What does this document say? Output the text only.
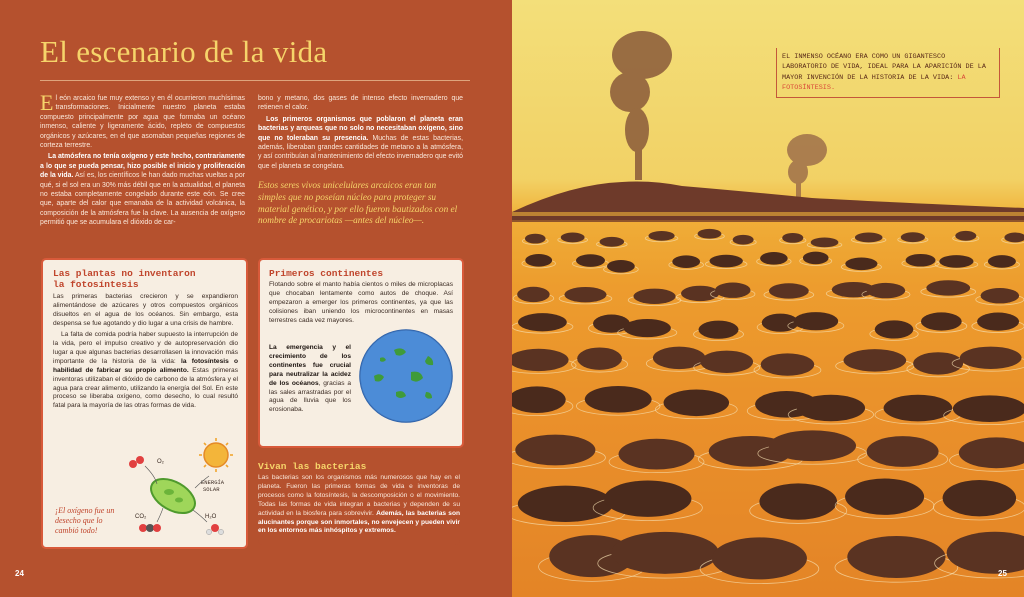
El escenario de la vida

El eón arcaico fue muy extenso y en él ocurrieron muchísimas transformaciones. Inicialmente nuestro planeta estaba compuesto principalmente por agua que formaba un océano inmenso, caliente y ligeramente ácido, repleto de compuestos orgánicos y azúcares, en el que asomaban pequeñas regiones de corteza terrestre.

La atmósfera no tenía oxígeno y este hecho, contrariamente a lo que se pueda pensar, hizo posible el inicio y proliferación de la vida. Así es, los científicos le han dado muchas vueltas a por qué, si el sol era un 30% más débil que en la actualidad, el planeta no estaba completamente congelado durante este eón. Se cree que, aparte del calor que emanaba de la actividad volcánica, la composición de la atmósfera fue la clave. La ausencia de oxígeno permitió que se acumulara el dióxido de car-

bono y metano, dos gases de intenso efecto invernadero que retienen el calor.

Los primeros organismos que poblaron el planeta eran bacterias y arqueas que no solo no necesitaban oxígeno, sino que no toleraban su presencia. Muchas de estas bacterias, además, liberaban grandes cantidades de metano a la atmósfera, y así contribuían al mantenimiento del efecto invernadero que evitó que el planeta se congelara.

Estos seres vivos unicelulares arcaicos eran tan simples que no poseían núcleo para proteger su material genético, y por ello fueron bautizados con el nombre de procariotas —antes del núcleo—.
Las plantas no inventaron
la fotosíntesis

Las primeras bacterias crecieron y se expandieron alimentándose de azúcares y otros compuestos orgánicos disueltos en el agua de los océanos. Sin embargo, esta despensa se fue agotando y dio lugar a una crisis de hambre.

La falta de comida podría haber supuesto la interrupción de la vida, pero el impulso creativo y de autopreservación dio lugar a que algunas bacterias desarrollasen la innovación más importante de la historia de la vida: la fotosíntesis o habilidad de fabricar su propio alimento. Estas primeras inventoras utilizaban el dióxido de carbono de la atmósfera y el agua para crear alimento, utilizando la energía del Sol. En este proceso se liberaba oxígeno, como desecho, lo cual resultó fatal para la mayoría de las otras formas de vida.

¡El oxígeno fue un desecho que lo cambió todo!
O₂
ENERGÍA
SOLAR
CO₂	H₂O
Primeros continentes

Flotando sobre el manto había cientos o miles de microplacas que chocaban lentamente como autos de choque. Así empezaron a emerger los primeros continentes, ya que las colisiones iban uniendo los microcontinentes en masas terrestres cada vez mayores.

La emergencia y el crecimiento de los continentes fue crucial para neutralizar la acidez de los océanos, gracias a las sales arrastradas por el agua de lluvia que los erosionaba.
Vivan las bacterias
Las bacterias son los organismos más numerosos que hay en el planeta. Fueron las primeras formas de vida e inventoras de procesos como la fotosíntesis, la descomposición o el movimiento. Todas las formas de vida integran a bacterias y dependen de su actividad en la biosfera para sobrevivir. Además, las bacterias son alucinantes porque son inmortales, no envejecen y pueden vivir en los entornos más inhóspitos y extremos.
24
EL INMENSO OCÉANO ERA COMO UN GIGANTESCO LABORATORIO DE VIDA, IDEAL PARA LA APARICIÓN DE LA MAYOR INVENCIÓN DE LA HISTORIA DE LA VIDA: LA FOTOSÍNTESIS.
25
